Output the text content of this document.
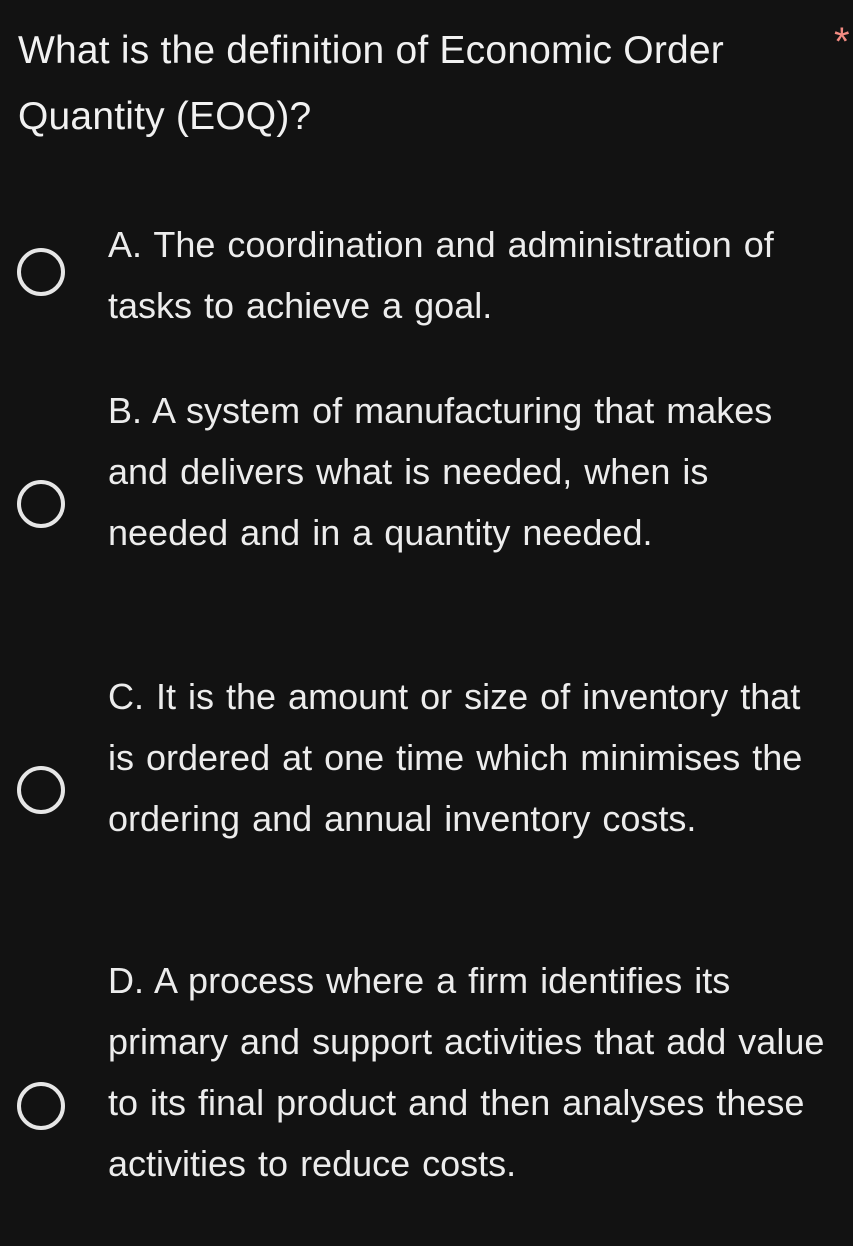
What is the definition of Economic Order Quantity (EOQ)?
*
A. The coordination and administration of tasks to achieve a goal.
B. A system of manufacturing that makes and delivers what is needed, when is needed and in a quantity needed.
C. It is the amount or size of inventory that is ordered at one time which minimises the ordering and annual inventory costs.
D. A process where a firm identifies its primary and support activities that add value to its final product and then analyses these activities to reduce costs.
